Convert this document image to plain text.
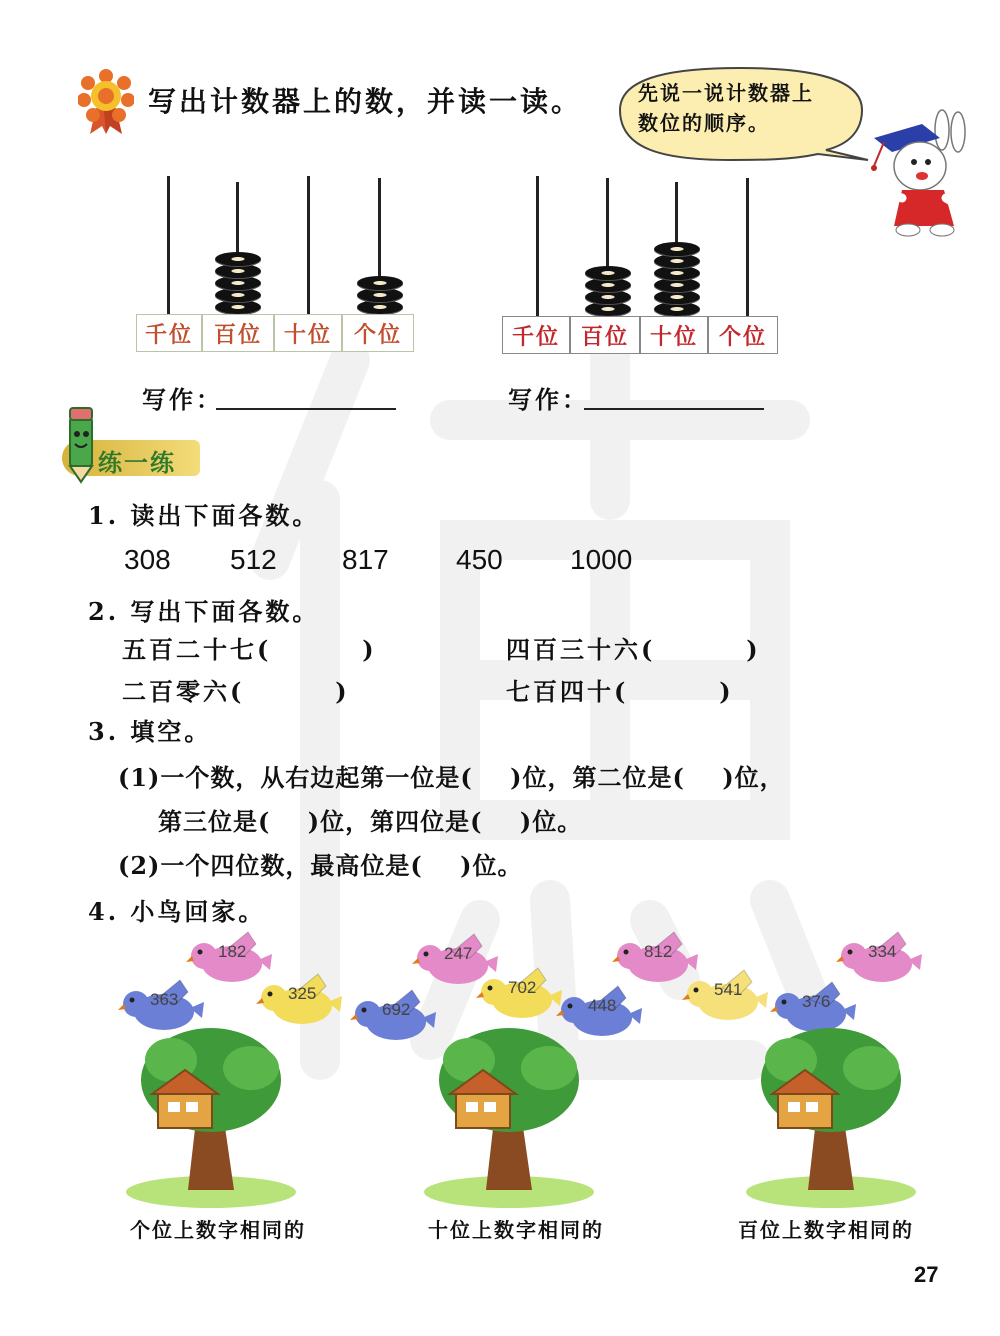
写出计数器上的数，并读一读。	先说一说计数器上
数位的顺序。
千位 百位 十位 个位	千位 百位 十位 个位
写作：	写作：
练一练
1. 读出下面各数。
308 512 817 450 1000
2. 写出下面各数。
五百二十七(        )	四百三十六(        )
二百零六(        )	七百四十(        )
3. 填空。
(1)一个数，从右边起第一位是(    )位，第二位是(    )位，
第三位是(    )位，第四位是(    )位。
(2)一个四位数，最高位是(    )位。
4. 小鸟回家。
182
363	325
247
692
702
448
812
541
334
376
个位上数字相同的	十位上数字相同的	百位上数字相同的
27
